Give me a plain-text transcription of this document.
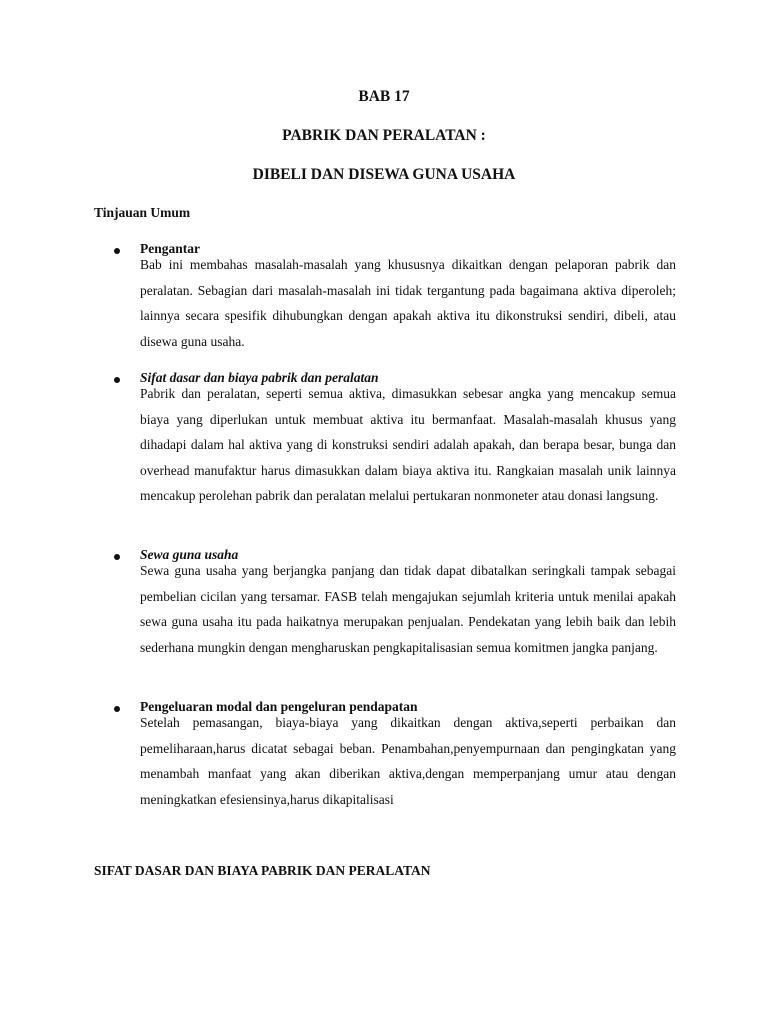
BAB 17

PABRIK DAN PERALATAN :

DIBELI DAN DISEWA GUNA USAHA

Tinjauan Umum

Pengantar

Bab ini membahas masalah-masalah yang khususnya dikaitkan dengan pelaporan pabrik dan peralatan. Sebagian dari masalah-masalah ini tidak tergantung pada bagaimana aktiva diperoleh; lainnya secara spesifik dihubungkan dengan apakah aktiva itu dikonstruksi sendiri, dibeli, atau disewa guna usaha.

Sifat dasar dan biaya pabrik dan peralatan

Pabrik dan peralatan, seperti semua aktiva, dimasukkan sebesar angka yang mencakup semua biaya yang diperlukan untuk membuat aktiva itu bermanfaat. Masalah-masalah khusus yang dihadapi dalam hal aktiva yang di konstruksi sendiri adalah apakah, dan berapa besar, bunga dan overhead manufaktur harus dimasukkan dalam biaya aktiva itu. Rangkaian masalah unik lainnya mencakup perolehan pabrik dan peralatan melalui pertukaran nonmoneter atau donasi langsung.

Sewa guna usaha

Sewa guna usaha yang berjangka panjang dan tidak dapat dibatalkan seringkali tampak sebagai pembelian cicilan yang tersamar. FASB telah mengajukan sejumlah kriteria untuk menilai apakah sewa guna usaha itu pada haikatnya merupakan penjualan. Pendekatan yang lebih baik dan lebih sederhana mungkin dengan mengharuskan pengkapitalisasian semua komitmen jangka panjang.

Pengeluaran modal dan pengeluran pendapatan

Setelah pemasangan, biaya-biaya yang dikaitkan dengan aktiva,seperti perbaikan dan pemeliharaan,harus dicatat sebagai beban. Penambahan,penyempurnaan dan pengingkatan yang menambah manfaat yang akan diberikan aktiva,dengan memperpanjang umur atau dengan meningkatkan efesiensinya,harus dikapitalisasi

SIFAT DASAR DAN BIAYA PABRIK DAN PERALATAN
